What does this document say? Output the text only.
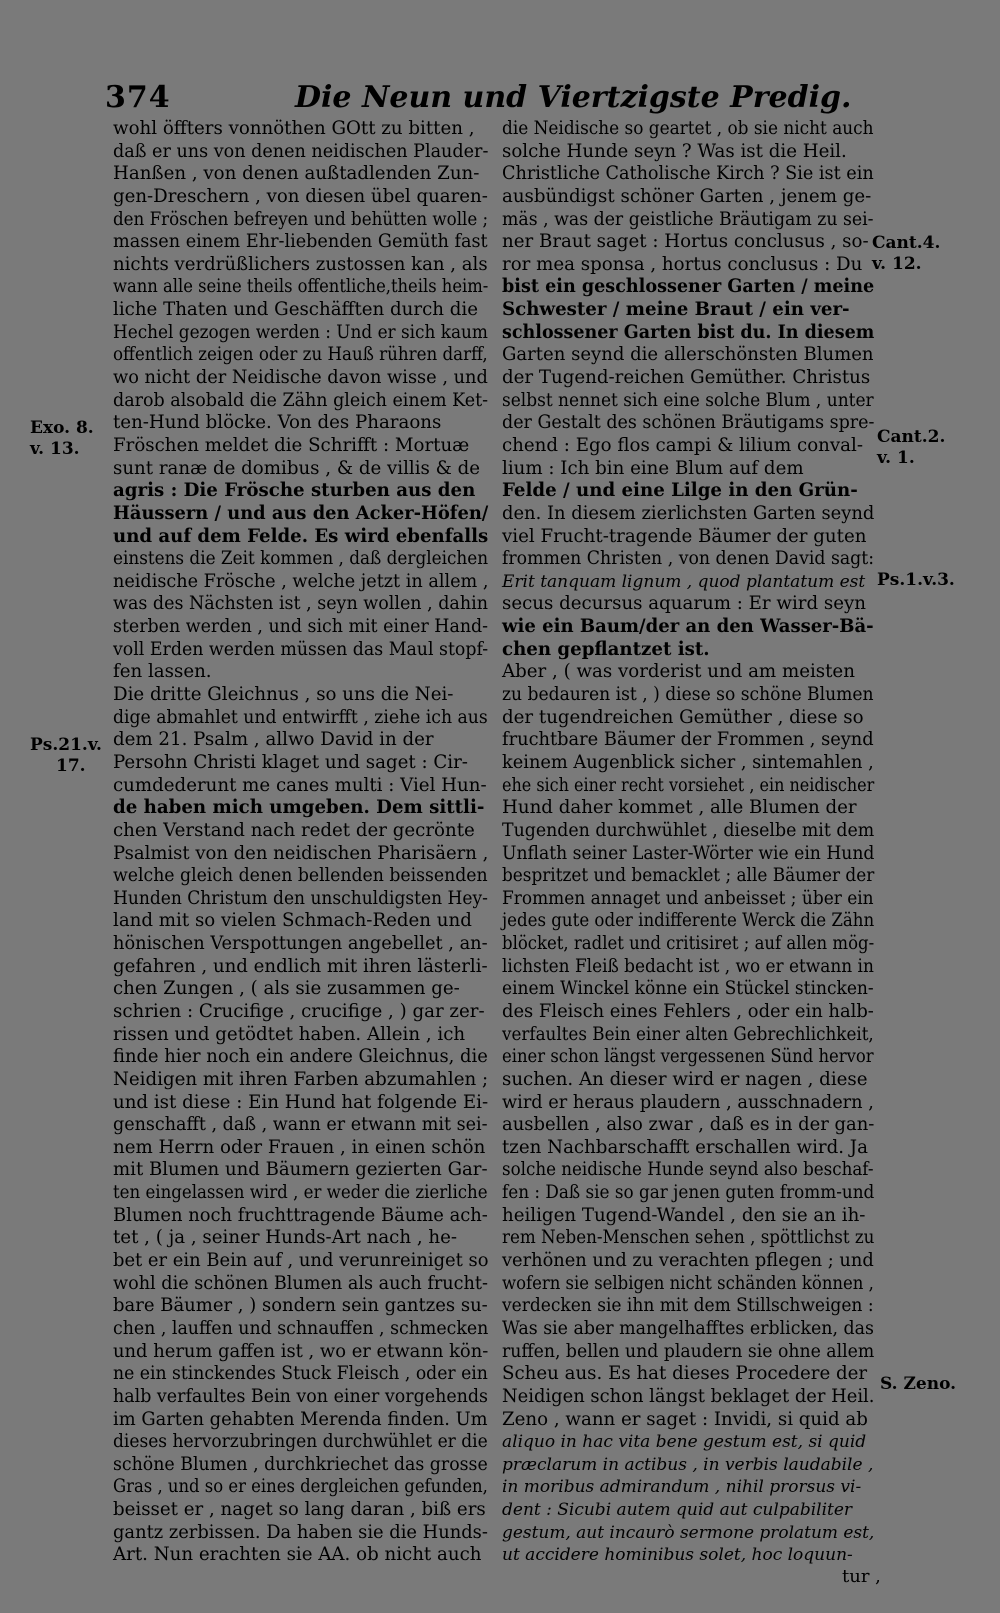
374	Die Neun und Viertzigste Predig.
wohl öffters vonnöthen GOtt zu bitten ,
daß er uns von denen neidischen Plauder-
Hanßen , von denen außtadlenden Zun-
gen-Dreschern , von diesen übel quaren-
den Fröschen befreyen und behütten wolle ;
massen einem Ehr-liebenden Gemüth fast
nichts verdrüßlichers zustossen kan , als
wann alle seine theils offentliche,theils heim-
liche Thaten und Geschäfften durch die
Hechel gezogen werden : Und er sich kaum
offentlich zeigen oder zu Hauß rühren darff,
wo nicht der Neidische davon wisse , und
darob alsobald die Zähn gleich einem Ket-
ten-Hund blöcke. Von des Pharaons
Fröschen meldet die Schrifft : Mortuæ
sunt ranæ de domibus , & de villis & de
agris : Die Frösche sturben aus den
Häussern / und aus den Acker-Höfen/
und auf dem Felde. Es wird ebenfalls
einstens die Zeit kommen , daß dergleichen
neidische Frösche , welche jetzt in allem ,
was des Nächsten ist , seyn wollen , dahin
sterben werden , und sich mit einer Hand-
voll Erden werden müssen das Maul stopf-
fen lassen.
Die dritte Gleichnus , so uns die Nei-
dige abmahlet und entwirfft , ziehe ich aus
dem 21. Psalm , allwo David in der
Persohn Christi klaget und saget : Cir-
cumdederunt me canes multi : Viel Hun-
de haben mich umgeben. Dem sittli-
chen Verstand nach redet der gecrönte
Psalmist von den neidischen Pharisäern ,
welche gleich denen bellenden beissenden
Hunden Christum den unschuldigsten Hey-
land mit so vielen Schmach-Reden und
hönischen Verspottungen angebellet , an-
gefahren , und endlich mit ihren lästerli-
chen Zungen , ( als sie zusammen ge-
schrien : Crucifige , crucifige , ) gar zer-
rissen und getödtet haben. Allein , ich
finde hier noch ein andere Gleichnus, die
Neidigen mit ihren Farben abzumahlen ;
und ist diese : Ein Hund hat folgende Ei-
genschafft , daß , wann er etwann mit sei-
nem Herrn oder Frauen , in einen schön
mit Blumen und Bäumern gezierten Gar-
ten eingelassen wird , er weder die zierliche
Blumen noch fruchttragende Bäume ach-
tet , ( ja , seiner Hunds-Art nach , he-
bet er ein Bein auf , und verunreiniget so
wohl die schönen Blumen als auch frucht-
bare Bäumer , ) sondern sein gantzes su-
chen , lauffen und schnauffen , schmecken
und herum gaffen ist , wo er etwann kön-
ne ein stinckendes Stuck Fleisch , oder ein
halb verfaultes Bein von einer vorgehends
im Garten gehabten Merenda finden. Um
dieses hervorzubringen durchwühlet er die
schöne Blumen , durchkriechet das grosse
Gras , und so er eines dergleichen gefunden,
beisset er , naget so lang daran , biß ers
gantz zerbissen. Da haben sie die Hunds-
Art. Nun erachten sie AA. ob nicht auch
die Neidische so geartet , ob sie nicht auch
solche Hunde seyn ? Was ist die Heil.
Christliche Catholische Kirch ? Sie ist ein
ausbündigst schöner Garten , jenem ge-
mäs , was der geistliche Bräutigam zu sei-
ner Braut saget : Hortus conclusus , so-
ror mea sponsa , hortus conclusus : Du
bist ein geschlossener Garten / meine
Schwester / meine Braut / ein ver-
schlossener Garten bist du. In diesem
Garten seynd die allerschönsten Blumen
der Tugend-reichen Gemüther. Christus
selbst nennet sich eine solche Blum , unter
der Gestalt des schönen Bräutigams spre-
chend : Ego flos campi & lilium conval-
lium : Ich bin eine Blum auf dem
Felde / und eine Lilge in den Grün-
den. In diesem zierlichsten Garten seynd
viel Frucht-tragende Bäumer der guten
frommen Christen , von denen David sagt:
Erit tanquam lignum , quod plantatum est
secus decursus aquarum : Er wird seyn
wie ein Baum/der an den Wasser-Bä-
chen gepflantzet ist.
Aber , ( was vorderist und am meisten
zu bedauren ist , ) diese so schöne Blumen
der tugendreichen Gemüther , diese so
fruchtbare Bäumer der Frommen , seynd
keinem Augenblick sicher , sintemahlen ,
ehe sich einer recht vorsiehet , ein neidischer
Hund daher kommet , alle Blumen der
Tugenden durchwühlet , dieselbe mit dem
Unflath seiner Laster-Wörter wie ein Hund
bespritzet und bemacklet ; alle Bäumer der
Frommen annaget und anbeisset ; über ein
jedes gute oder indifferente Werck die Zähn
blöcket, radlet und critisiret ; auf allen mög-
lichsten Fleiß bedacht ist , wo er etwann in
einem Winckel könne ein Stückel stincken-
des Fleisch eines Fehlers , oder ein halb-
verfaultes Bein einer alten Gebrechlichkeit,
einer schon längst vergessenen Sünd hervor
suchen. An dieser wird er nagen , diese
wird er heraus plaudern , ausschnadern ,
ausbellen , also zwar , daß es in der gan-
tzen Nachbarschafft erschallen wird. Ja
solche neidische Hunde seynd also beschaf-
fen : Daß sie so gar jenen guten fromm-und
heiligen Tugend-Wandel , den sie an ih-
rem Neben-Menschen sehen , spöttlichst zu
verhönen und zu verachten pflegen ; und
wofern sie selbigen nicht schänden können ,
verdecken sie ihn mit dem Stillschweigen :
Was sie aber mangelhafftes erblicken, das
ruffen, bellen und plaudern sie ohne allem
Scheu aus. Es hat dieses Procedere der
Neidigen schon längst beklaget der Heil.
Zeno , wann er saget : Invidi, si quid ab
aliquo in hac vita bene gestum est, si quid
præclarum in actibus , in verbis laudabile ,
in moribus admirandum , nihil prorsus vi-
dent : Sicubi autem quid aut culpabiliter
gestum, aut incaurò sermone prolatum est,
ut accidere hominibus solet, hoc loquun-
Exo. 8.
v. 13.
Ps.21.v.
17.
Cant.4.
v. 12.
Cant.2.
v. 1.
Ps.1.v.3.
S. Zeno.
tur ,
